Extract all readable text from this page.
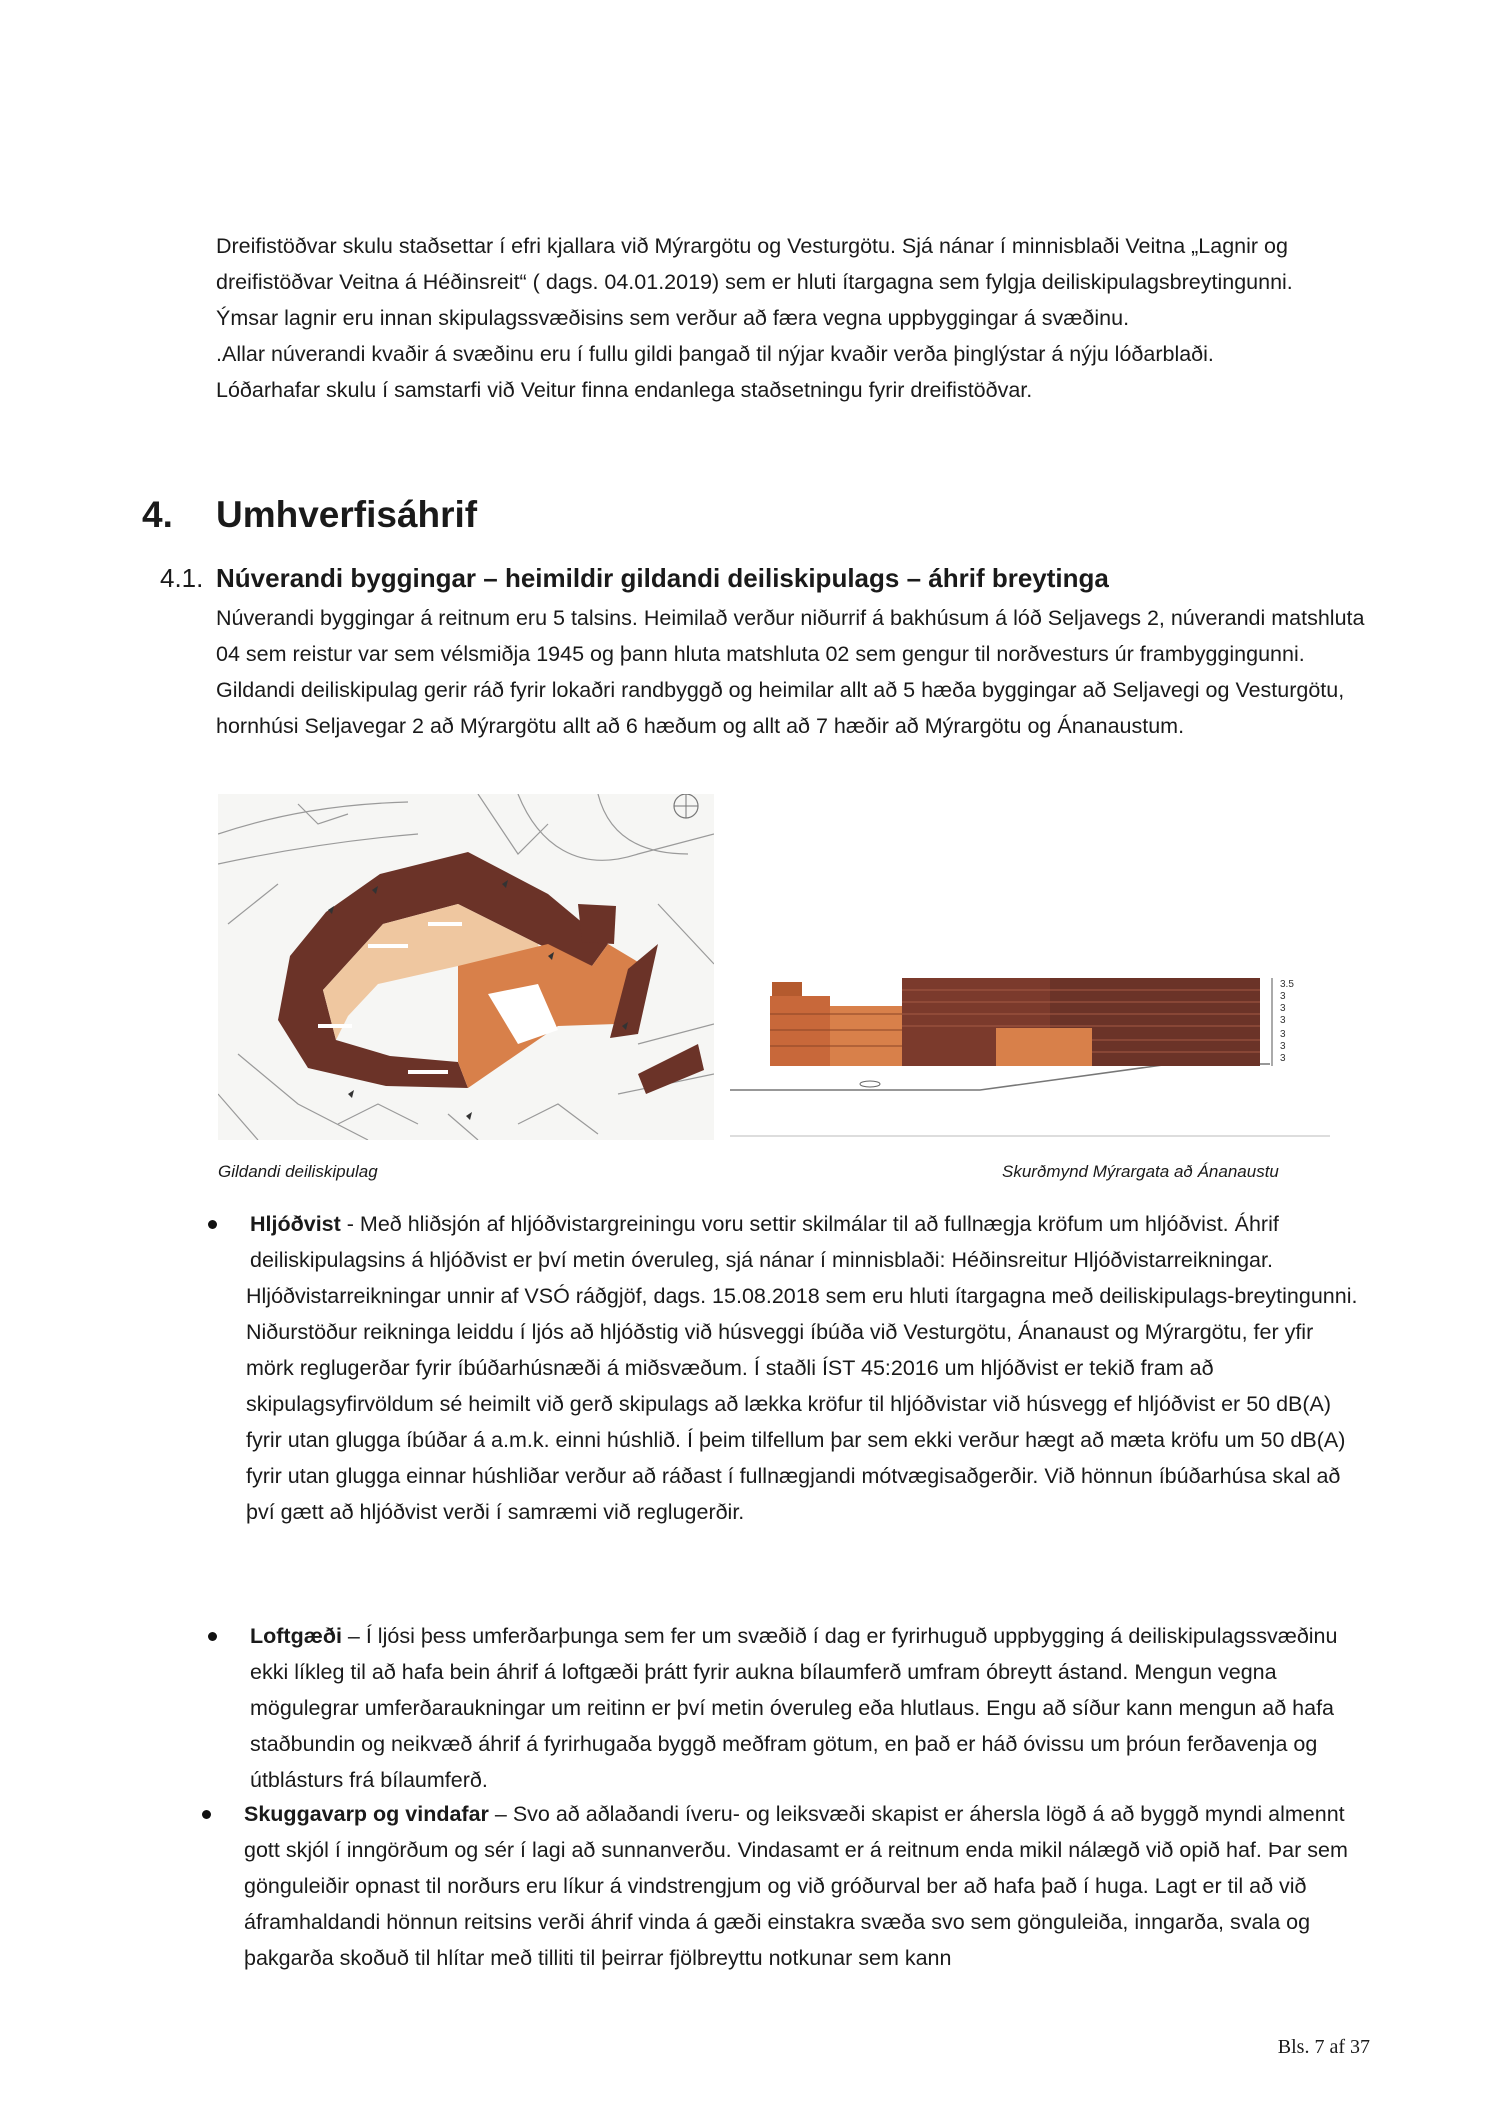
Dreifistöðvar skulu staðsettar í efri kjallara við Mýrargötu og Vesturgötu. Sjá nánar í minnisblaði Veitna „Lagnir og dreifistöðvar Veitna á Héðinsreit“ ( dags. 04.01.2019) sem er hluti ítargagna sem fylgja deiliskipulagsbreytingunni.

Ýmsar lagnir eru innan skipulagssvæðisins sem verður að færa vegna uppbyggingar á svæðinu.

.Allar núverandi kvaðir á svæðinu eru í fullu gildi þangað til nýjar kvaðir verða þinglýstar á nýju lóðarblaði.

Lóðarhafar skulu í samstarfi við Veitur finna endanlega staðsetningu fyrir dreifistöðvar.

4. Umhverfisáhrif
4.1. Núverandi byggingar – heimildir gildandi deiliskipulags – áhrif breytinga

Núverandi byggingar á reitnum eru 5 talsins. Heimilað verður niðurrif á bakhúsum á lóð Seljavegs 2, núverandi matshluta 04 sem reistur var sem vélsmiðja 1945 og þann hluta matshluta 02 sem gengur til norðvesturs úr frambyggingunni. Gildandi deiliskipulag gerir ráð fyrir lokaðri randbyggð og heimilar allt að 5 hæða byggingar að Seljavegi og Vesturgötu, hornhúsi Seljavegar 2 að Mýrargötu allt að 6 hæðum og allt að 7 hæðir að Mýrargötu og Ánanaustum.

3
3
3
3
3
3
3.5
Gildandi deiliskipulag	Skurðmynd Mýrargata að Ánanaustu

Hljóðvist - Með hliðsjón af hljóðvistargreiningu voru settir skilmálar til að fullnægja kröfum um hljóðvist. Áhrif deiliskipulagsins á hljóðvist er því metin óveruleg, sjá nánar í minnisblaði: Héðinsreitur Hljóðvistarreikningar.

Hljóðvistarreikningar unnir af VSÓ ráðgjöf, dags. 15.08.2018 sem eru hluti ítargagna með deiliskipulags-breytingunni.

Niðurstöður reikninga leiddu í ljós að hljóðstig við húsveggi íbúða við Vesturgötu, Ánanaust og Mýrargötu, fer yfir mörk reglugerðar fyrir íbúðarhúsnæði á miðsvæðum. Í staðli ÍST 45:2016 um hljóðvist er tekið fram að skipulagsyfirvöldum sé heimilt við gerð skipulags að lækka kröfur til hljóðvistar við húsvegg ef hljóðvist er 50 dB(A) fyrir utan glugga íbúðar á a.m.k. einni húshlið. Í þeim tilfellum þar sem ekki verður hægt að mæta kröfu um 50 dB(A) fyrir utan glugga einnar húshliðar verður að ráðast í fullnægjandi mótvægisaðgerðir. Við hönnun íbúðarhúsa skal að því gætt að hljóðvist verði í samræmi við reglugerðir.

Loftgæði – Í ljósi þess umferðarþunga sem fer um svæðið í dag er fyrirhuguð uppbygging á deiliskipulagssvæðinu ekki líkleg til að hafa bein áhrif á loftgæði þrátt fyrir aukna bílaumferð umfram óbreytt ástand. Mengun vegna mögulegrar umferðaraukningar um reitinn er því metin óveruleg eða hlutlaus. Engu að síður kann mengun að hafa staðbundin og neikvæð áhrif á fyrirhugaða byggð meðfram götum, en það er háð óvissu um þróun ferðavenja og útblásturs frá bílaumferð.

Skuggavarp og vindafar – Svo að aðlaðandi íveru- og leiksvæði skapist er áhersla lögð á að byggð myndi almennt gott skjól í inngörðum og sér í lagi að sunnanverðu. Vindasamt er á reitnum enda mikil nálægð við opið haf. Þar sem gönguleiðir opnast til norðurs eru líkur á vindstrengjum og við gróðurval ber að hafa það í huga. Lagt er til að við áframhaldandi hönnun reitsins verði áhrif vinda á gæði einstakra svæða svo sem gönguleiða, inngarða, svala og þakgarða skoðuð til hlítar með tilliti til þeirrar fjölbreyttu notkunar sem kann

Bls. 7 af 37
